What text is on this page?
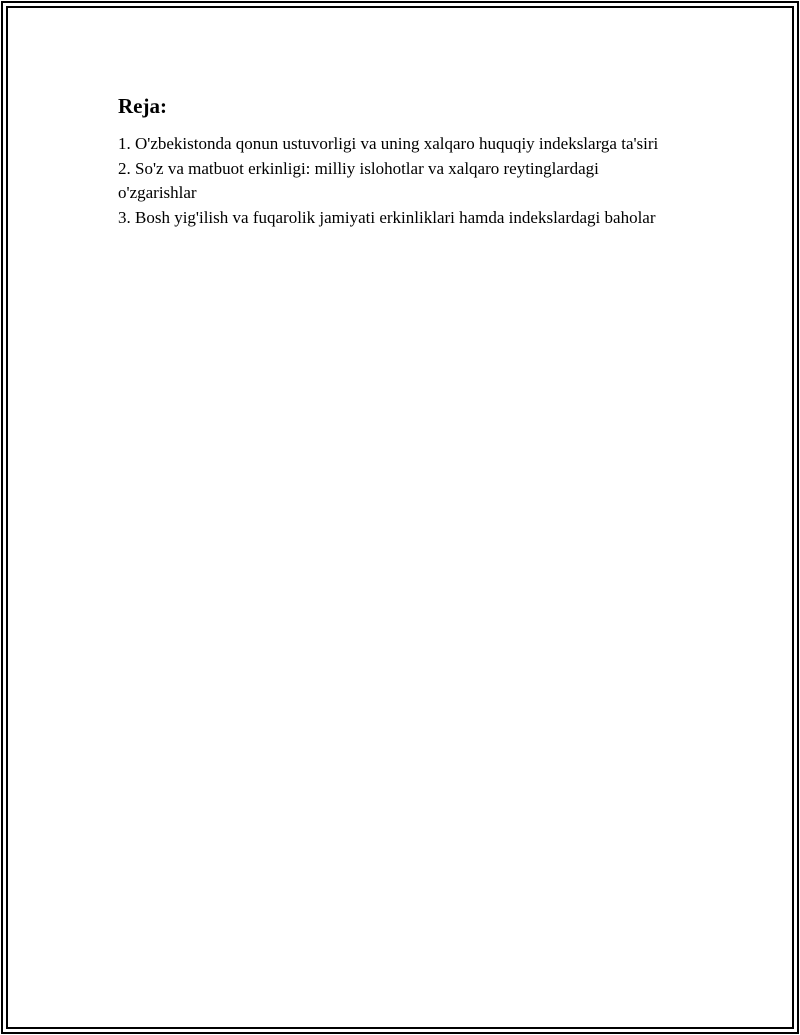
Reja:
1. O'zbekistonda qonun ustuvorligi va uning xalqaro huquqiy indekslarga ta'siri
2. So'z va matbuot erkinligi: milliy islohotlar va xalqaro reytinglardagi o'zgarishlar
3. Bosh yig'ilish va fuqarolik jamiyati erkinliklari hamda indekslardagi baholar
